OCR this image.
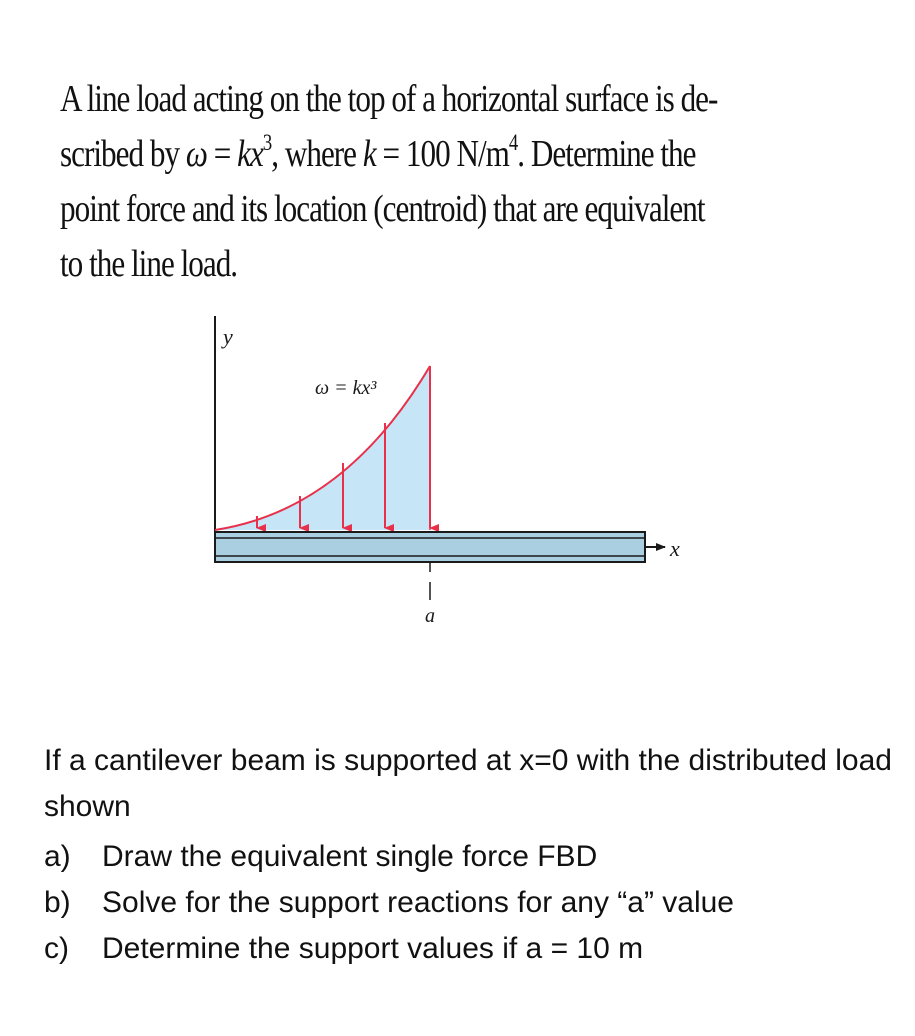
A line load acting on the top of a horizontal surface is de-
scribed by $\omega = kx^3$, where k = 100 $N/m^4$. Determine the
point force and its location (centroid) that are equivalent
to the line load.
y
ω = kx³
x
a
If a cantilever beam is supported at x=0 with the distributed load shown
a)	Draw the equivalent single force FBD
b)	Solve for the support reactions for any “a” value
c)	Determine the support values if a = 10 m
